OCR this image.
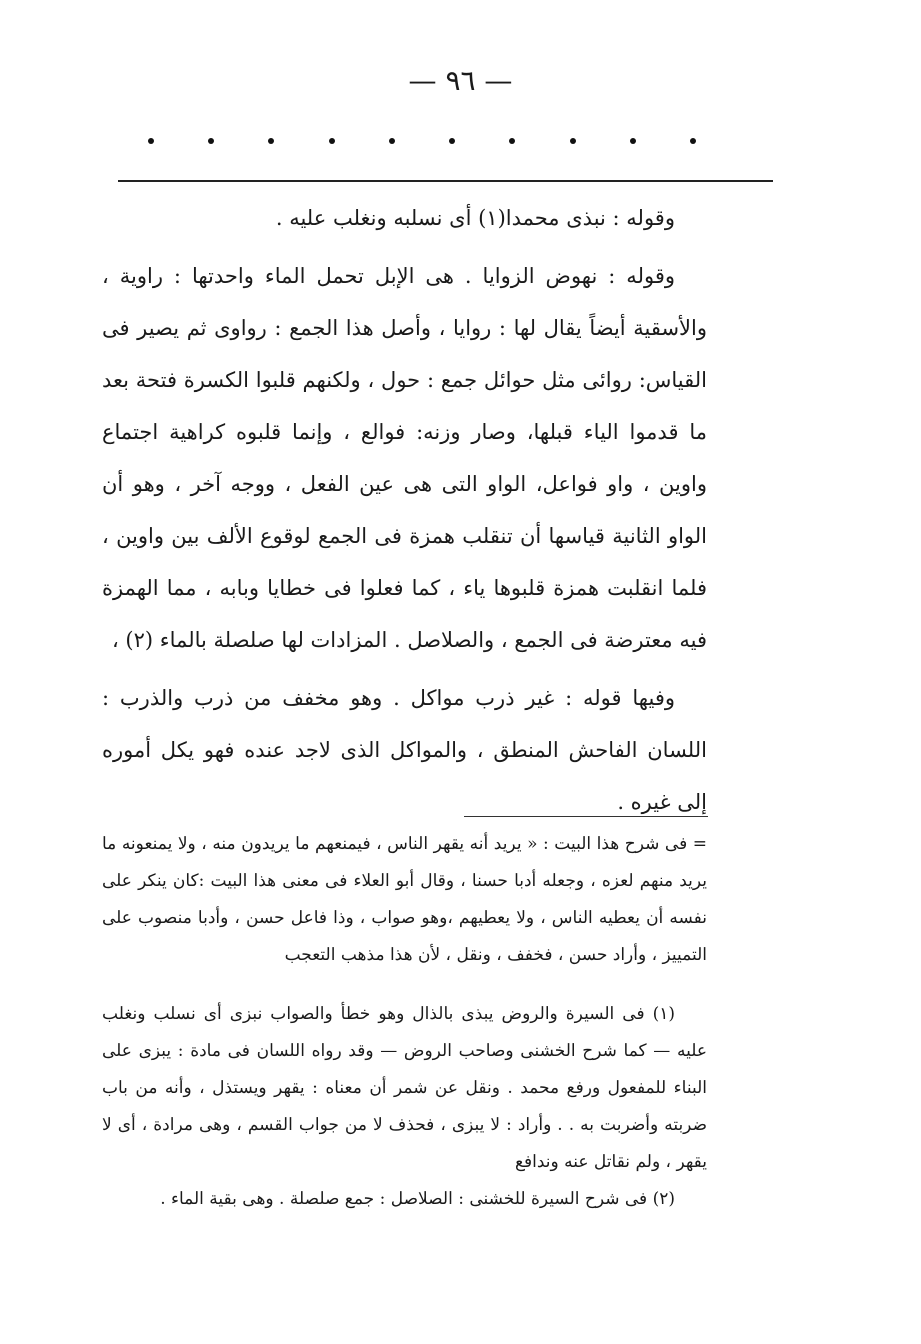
— ٩٦ —

وقوله : نبذى محمدا(١) أى نسلبه ونغلب عليه .

وقوله : نهوض الزوايا . هى الإبل تحمل الماء واحدتها : راوية ، والأسقية أيضاً يقال لها : روايا ، وأصل هذا الجمع : رواوى ثم يصير فى القياس: روائى مثل حوائل جمع : حول ، ولكنهم قلبوا الكسرة فتحة بعد ما قدموا الياء قبلها، وصار وزنه: فوالع ، وإنما قلبوه كراهية اجتماع واوين ، واو فواعل، الواو التى هى عين الفعل ، ووجه آخر ، وهو أن الواو الثانية قياسها أن تنقلب همزة فى الجمع لوقوع الألف بين واوين ، فلما انقلبت همزة قلبوها ياء ، كما فعلوا فى خطايا وبابه ، مما الهمزة فيه معترضة فى الجمع ، والصلاصل . المزادات لها صلصلة بالماء (٢) ،

وفيها قوله : غير ذرب مواكل . وهو مخفف من ذرب والذرب : اللسان الفاحش المنطق ، والمواكل الذى لاجد عنده فهو يكل أموره إلى غيره .

= فى شرح هذا البيت : « يريد أنه يقهر الناس ، فيمنعهم ما يريدون منه ، ولا يمنعونه ما يريد منهم لعزه ، وجعله أدبا حسنا ، وقال أبو العلاء فى معنى هذا البيت :كان ينكر على نفسه أن يعطيه الناس ، ولا يعطيهم ،وهو صواب ، وذا فاعل حسن ، وأدبا منصوب على التمييز ، وأراد حسن ، فخفف ، ونقل ، لأن هذا مذهب التعجب

(١) فى السيرة والروض يبذى بالذال وهو خطأ والصواب نبزى أى نسلب ونغلب عليه — كما شرح الخشنى وصاحب الروض — وقد رواه اللسان فى مادة : يبزى على البناء للمفعول ورفع محمد . ونقل عن شمر أن معناه : يقهر ويستذل ، وأنه من باب ضربته وأضربت به . . وأراد : لا يبزى ، فحذف لا من جواب القسم ، وهى مرادة ، أى لا يقهر ، ولم نقاتل عنه وندافع

(٢) فى شرح السيرة للخشنى : الصلاصل : جمع صلصلة . وهى بقية الماء .
